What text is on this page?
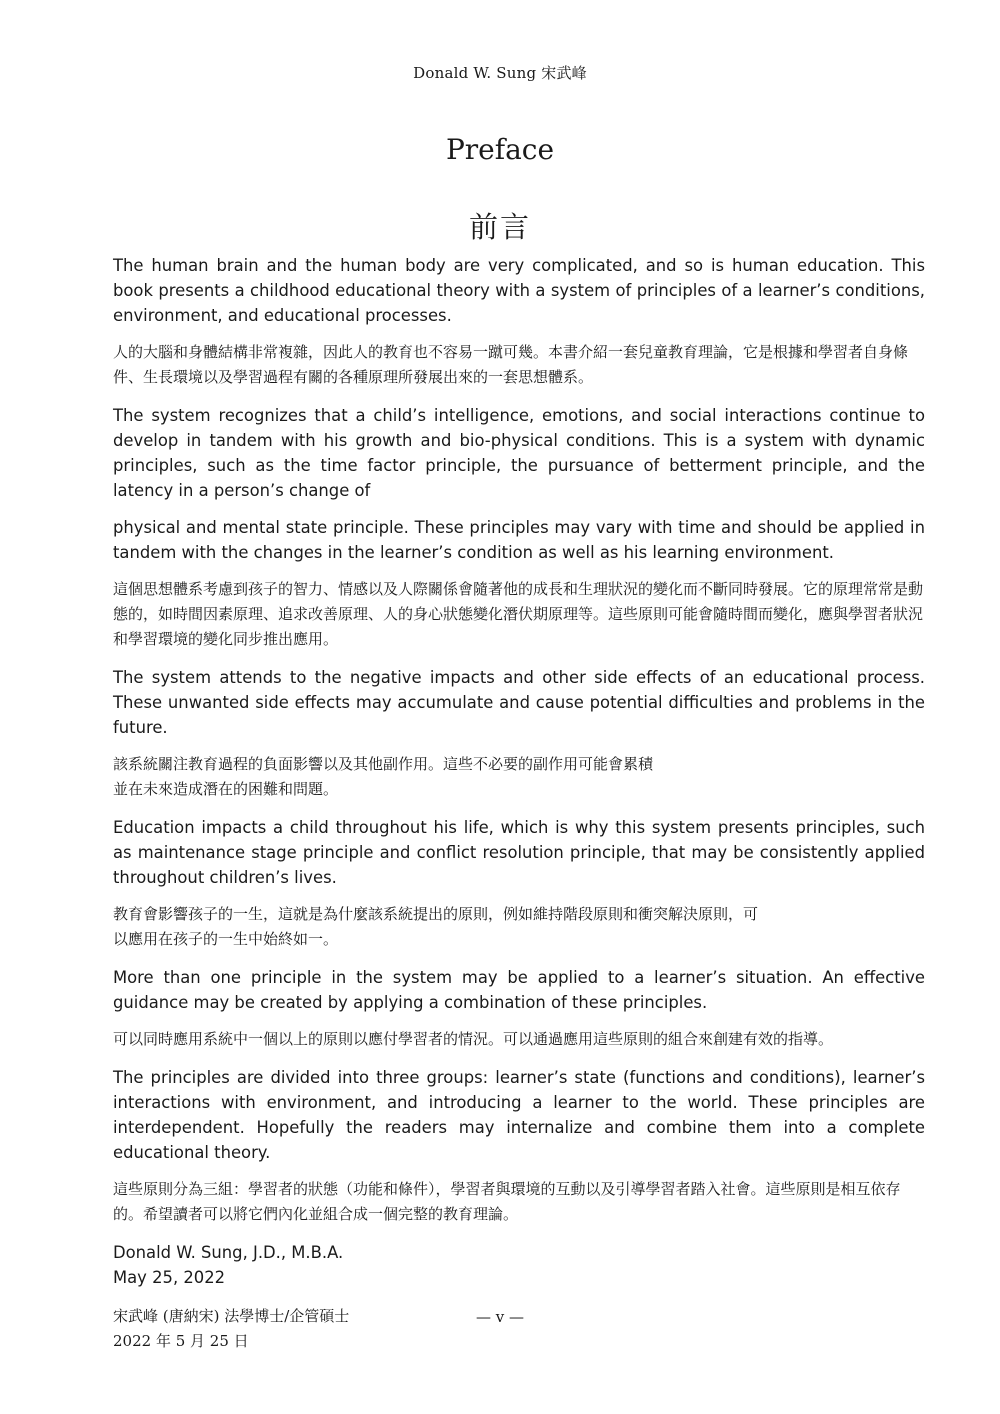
Donald W. Sung 宋武峰
Preface
前言

The human brain and the human body are very complicated, and so is human education. This book presents a childhood educational theory with a system of principles of a learner’s conditions, environment, and educational processes.

人的大腦和身體結構非常複雜，因此人的教育也不容易一蹴可幾。本書介紹一套兒童教育理論，它是根據和學習者自身條件、生長環境以及學習過程有關的各種原理所發展出來的一套思想體系。

The system recognizes that a child’s intelligence, emotions, and social interactions continue to develop in tandem with his growth and bio-physical conditions. This is a system with dynamic principles, such as the time factor principle, the pursuance of betterment principle, and the latency in a person’s change of

physical and mental state principle. These principles may vary with time and should be applied in tandem with the changes in the learner’s condition as well as his learning environment.

這個思想體系考慮到孩子的智力、情感以及人際關係會隨著他的成長和生理狀況的變化而不斷同時發展。它的原理常常是動態的，如時間因素原理、追求改善原理、人的身心狀態變化潛伏期原理等。這些原則可能會隨時間而變化，應與學習者狀況和學習環境的變化同步推出應用。

The system attends to the negative impacts and other side effects of an educational process. These unwanted side effects may accumulate and cause potential difficulties and problems in the future.

該系統關注教育過程的負面影響以及其他副作用。這些不必要的副作用可能會累積
並在未來造成潛在的困難和問題。

Education impacts a child throughout his life, which is why this system presents principles, such as maintenance stage principle and conflict resolution principle, that may be consistently applied throughout children’s lives.

教育會影響孩子的一生，這就是為什麼該系統提出的原則，例如維持階段原則和衝突解決原則，可
以應用在孩子的一生中始終如一。

More than one principle in the system may be applied to a learner’s situation. An effective guidance may be created by applying a combination of these principles.

可以同時應用系統中一個以上的原則以應付學習者的情況。可以通過應用這些原則的組合來創建有效的指導。

The principles are divided into three groups: learner’s state (functions and conditions), learner’s interactions with environment, and introducing a learner to the world. These principles are interdependent. Hopefully the readers may internalize and combine them into a complete educational theory.

這些原則分為三組：學習者的狀態（功能和條件），學習者與環境的互動以及引導學習者踏入社會。這些原則是相互依存的。希望讀者可以將它們內化並組合成一個完整的教育理論。

Donald W. Sung, J.D., M.B.A.

May 25, 2022

宋武峰 (唐納宋) 法學博士/企管碩士

2022 年 5 月 25 日

— v —
